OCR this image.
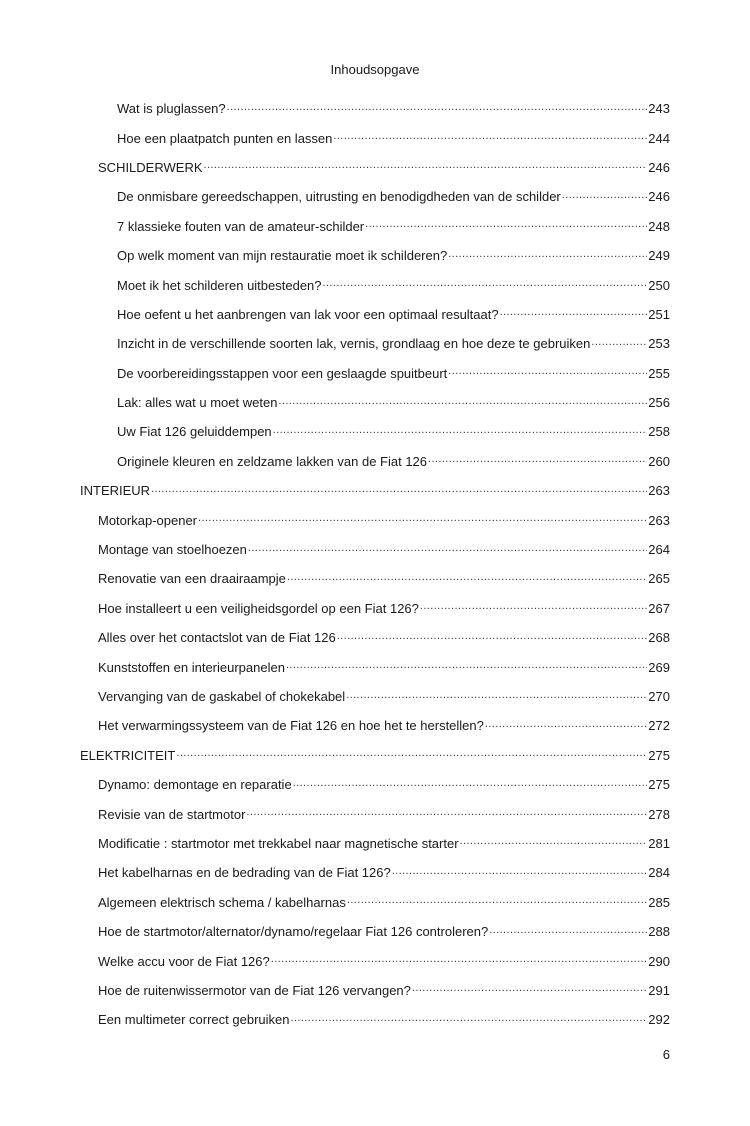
Inhoudsopgave
Wat is pluglassen? .....	243
Hoe een plaatpatch punten en lassen .....	244
SCHILDERWERK .....	246
De onmisbare gereedschappen, uitrusting en benodigdheden van de schilder .....	246
7 klassieke fouten van de amateur-schilder .....	248
Op welk moment van mijn restauratie moet ik schilderen? .....	249
Moet ik het schilderen uitbesteden? .....	250
Hoe oefent u het aanbrengen van lak voor een optimaal resultaat? .....	251
Inzicht in de verschillende soorten lak, vernis, grondlaag en hoe deze te gebruiken .....	253
De voorbereidingsstappen voor een geslaagde spuitbeurt .....	255
Lak: alles wat u moet weten .....	256
Uw Fiat 126 geluiddempen .....	258
Originele kleuren en zeldzame lakken van de Fiat 126 .....	260
INTERIEUR .....	263
Motorkap-opener .....	263
Montage van stoelhoezen .....	264
Renovatie van een draairaampje .....	265
Hoe installeert u een veiligheidsgordel op een Fiat 126? .....	267
Alles over het contactslot van de Fiat 126 .....	268
Kunststoffen en interieurpanelen .....	269
Vervanging van de gaskabel of chokekabel .....	270
Het verwarmingssysteem van de Fiat 126 en hoe het te herstellen? .....	272
ELEKTRICITEIT .....	275
Dynamo: demontage en reparatie .....	275
Revisie van de startmotor .....	278
Modificatie : startmotor met trekkabel naar magnetische starter .....	281
Het kabelharnas en de bedrading van de Fiat 126? .....	284
Algemeen elektrisch schema / kabelharnas .....	285
Hoe de startmotor/alternator/dynamo/regelaar Fiat 126 controleren? .....	288
Welke accu voor de Fiat 126? .....	290
Hoe de ruitenwissermotor van de Fiat 126 vervangen? .....	291
Een multimeter correct gebruiken .....	292
6
